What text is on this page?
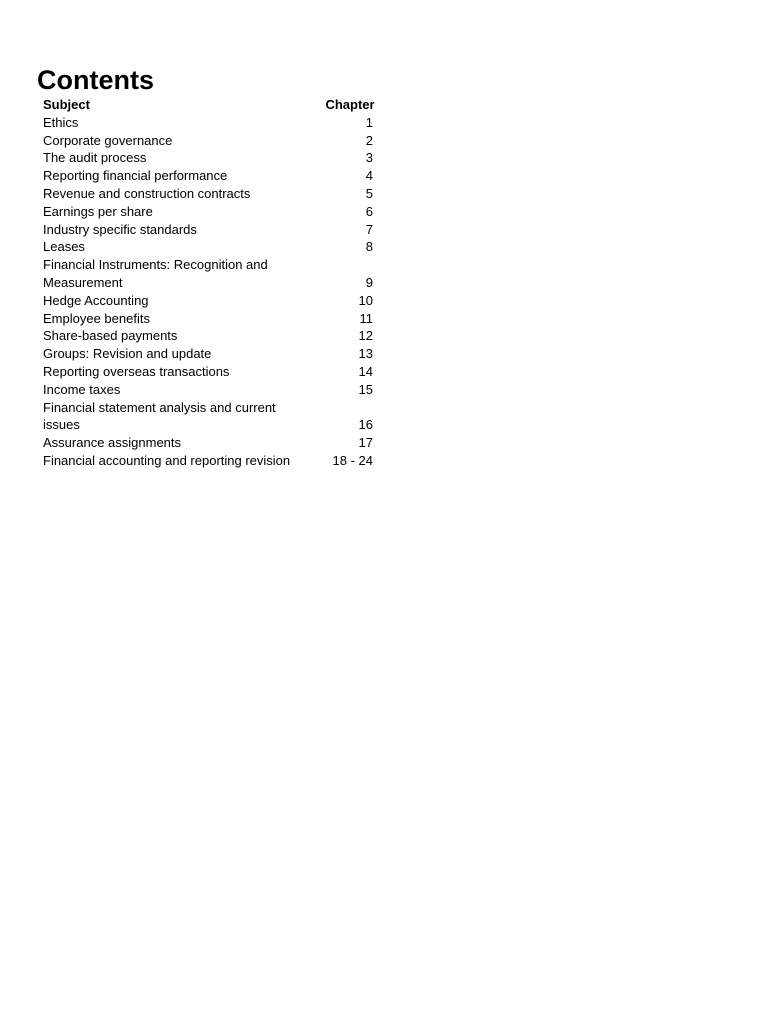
Contents
Subject	Chapter
Ethics	1
Corporate governance	2
The audit process	3
Reporting financial performance	4
Revenue and construction contracts	5
Earnings per share	6
Industry specific standards	7
Leases	8
Financial Instruments: Recognition and Measurement	9
Hedge Accounting	10
Employee benefits	11
Share-based payments	12
Groups: Revision and update	13
Reporting overseas transactions	14
Income taxes	15
Financial statement analysis and current issues	16
Assurance assignments	17
Financial accounting and reporting revision	18 - 24
